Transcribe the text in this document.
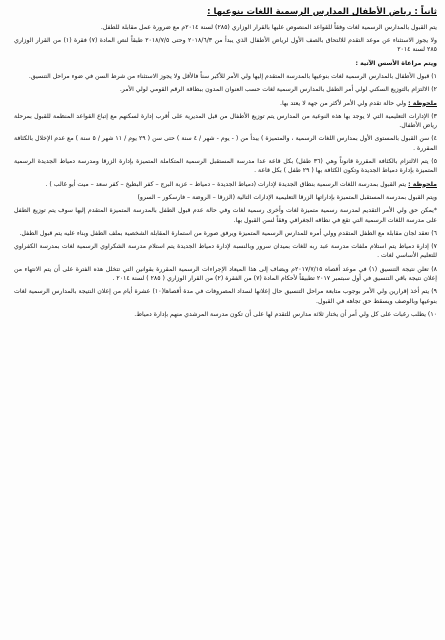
ثانياً : رياض الأطفال المدارس الرسمية اللغات بنوعيها :

يتم القبول بالمدارس الرسمية لغات وفقاً للقواعد المنصوص عليها بالقرار الوزاري (٢٨٥) لسنة ٢٠١٤م مع ضرورة عمل مقابلة للطفل.

ولا يجوز الاستثناء عن موعد التقدم للالتحاق بالصف الأول لرياض الأطفال الذي يبدأ من ٢٠١٨/٦/٣ وحتى ٢٠١٨/٧/٥ طبقاً لنص المادة (٧) فقرة (١) من القرار الوزاري ٢٨٥ لسنة ٢٠١٤

ويتم مراعاة الأسس الآتية :

١) قبول الأطفال بالمدارس الرسمية لغات بنوعيها بالمدرسة المتقدم إليها ولي الأمر للأكبر سناً فالأقل ولا يجوز الاستثناء من شرط السن في ضوء مراحل التنسيق.

٢) الالتزام بالتوزيع السكني لولي أمر الطفل بالمدارس الرسمية لغات حسب العنوان المدون ببطاقة الرقم القومي لولي الأمر.

ملحوظة : ولي حالة تقدم ولي الأمر لأكثر من جهة لا يعتد بها.

٣) الإدارات التعليمية التي لا يوجد بها هذه النوعية من المدارس يتم توزيع الأطفال من قبل المديرية على أقرب إدارة لسكنهم مع إتباع القواعد المنظمة للقبول بمرحلة رياض الأطفال.

٤) سن القبول بالمستوى الأول بمدارس اللغات الرسمية ، والمتميزة ) يبدأ من ( - يوم - شهر / ٤ سنة ) حتى سن ( ٢٩ يوم / ١١ شهر / ٥ سنة ) مع عدم الإخلال بالكثافة المقررة .

٥) يتم الالتزام بالكثافة المقررة قانوناً وهي (٣٦ طفل) بكل قاعة عدا مدرسة المستقبل الرسمية المتكاملة المتميزة بإدارة الزرقا ومدرسة دمياط الجديدة الرسمية المتميزة بإدارة دمياط الجديدة وتكون الكثافة بها ( ٢٩ طفل ) بكل قاعة .

ملحوظة : يتم القبول بمدرسة اللغات الرسمية بنطاق الجديدة لإدارات (دمياط الجديدة – دمياط – عزبة البرج – كفر البطيخ – كفر سعد – ميت أبو غالب ) .

ويتم القبول بمدرسة المستقبل المتميزة بإداراتها الزرقا التعليمية الإدارات التالية (الزرقا – الروضة – فارسكور – السرو)

*يمكن حق ولي الأمر التقديم لمدرسة رسمية متميزة لغات وأخرى رسمية لغات وفي حالة عدم قبول الطفل بالمدرسة المتميزة المتقدم إليها سوف يتم توزيع الطفل على مدرسة اللغات الرسمية التي تقع في نطاقه الجغرافي وفقاً لسن القبول بها.

٦) تعقد لجان مقابلة مع الطفل المتقدم وولي أمره للمدارس الرسمية المتميزة ويرفق صورة من استمارة المقابلة الشخصية بملف الطفل وبناء عليه يتم قبول الطفل.

٧) إدارة دمياط يتم استلام ملفات مدرسة عبد ربه للغات بميدان سرور وبالنسبة لإدارة دمياط الجديدة يتم استلام مدرسة الشكراوي الرسمية لغات بمدرسة الكفراوي للتعليم الأساسي لغات .

٨) تعلن نتيجة التنسيق (١) في موعد أقصاه ٢٠١٧/٧/١٥م ويضاف إلى هذا الميعاد الإجراءات الرسمية المقررة بقوانين التي تتخلل هذه الفترة على أن يتم الانتهاء من إعلان نتيجة باقي التنسيق في أول سبتمبر ٢٠١٧ تطبيقاً لأحكام المادة (٧) من الفقرة (٢) من القرار الوزاري ( ٢٨٥ ) لسنة ٢٠١٤ .

٩) يتم أخذ إقرارين ولي الأمر بوجوب متابعة مراحل التنسيق حال إعلانها لسداد المصروفات في مدة أقصاها(١٠) عشرة أيام من إعلان النتيجة بالمدارس الرسمية لغات بنوعيها وبالوصف ويسقط حق تجاهه في القبول.

١٠) يطلب رغبات على كل ولي أمر أن يختار ثلاثة مدارس للتقدم لها على أن تكون مدرسة المرشدي منهم بإدارة دمياط.
